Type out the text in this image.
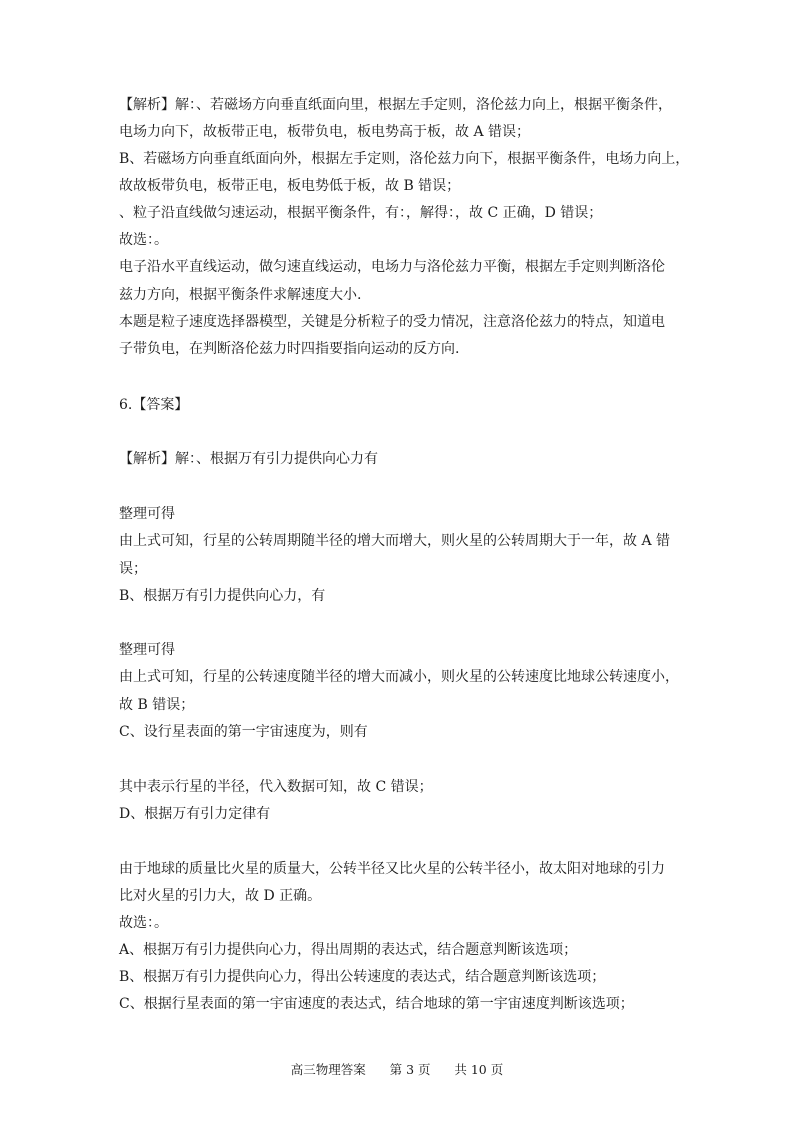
【解析】解：、若磁场方向垂直纸面向里，根据左手定则，洛伦兹力向上，根据平衡条件，
电场力向下，故板带正电，板带负电，板电势高于板，故 A 错误；
B、若磁场方向垂直纸面向外，根据左手定则，洛伦兹力向下，根据平衡条件，电场力向上，
故故板带负电，板带正电，板电势低于板，故 B 错误；
、粒子沿直线做匀速运动，根据平衡条件，有：，解得：，故 C 正确，D 错误；
故选：。
电子沿水平直线运动，做匀速直线运动，电场力与洛伦兹力平衡，根据左手定则判断洛伦
兹力方向，根据平衡条件求解速度大小.
本题是粒子速度选择器模型，关键是分析粒子的受力情况，注意洛伦兹力的特点，知道电
子带负电，在判断洛伦兹力时四指要指向运动的反方向.
6.【答案】
【解析】解：、根据万有引力提供向心力有
整理可得
由上式可知，行星的公转周期随半径的增大而增大，则火星的公转周期大于一年，故 A 错
误；
B、根据万有引力提供向心力，有
整理可得
由上式可知，行星的公转速度随半径的增大而减小，则火星的公转速度比地球公转速度小，
故 B 错误；
C、设行星表面的第一宇宙速度为，则有
其中表示行星的半径，代入数据可知，故 C 错误；
D、根据万有引力定律有
由于地球的质量比火星的质量大，公转半径又比火星的公转半径小，故太阳对地球的引力
比对火星的引力大，故 D 正确。
故选：。
A、根据万有引力提供向心力，得出周期的表达式，结合题意判断该选项；
B、根据万有引力提供向心力，得出公转速度的表达式，结合题意判断该选项；
C、根据行星表面的第一宇宙速度的表达式，结合地球的第一宇宙速度判断该选项；
高三物理答案 第 3 页 共 10 页
